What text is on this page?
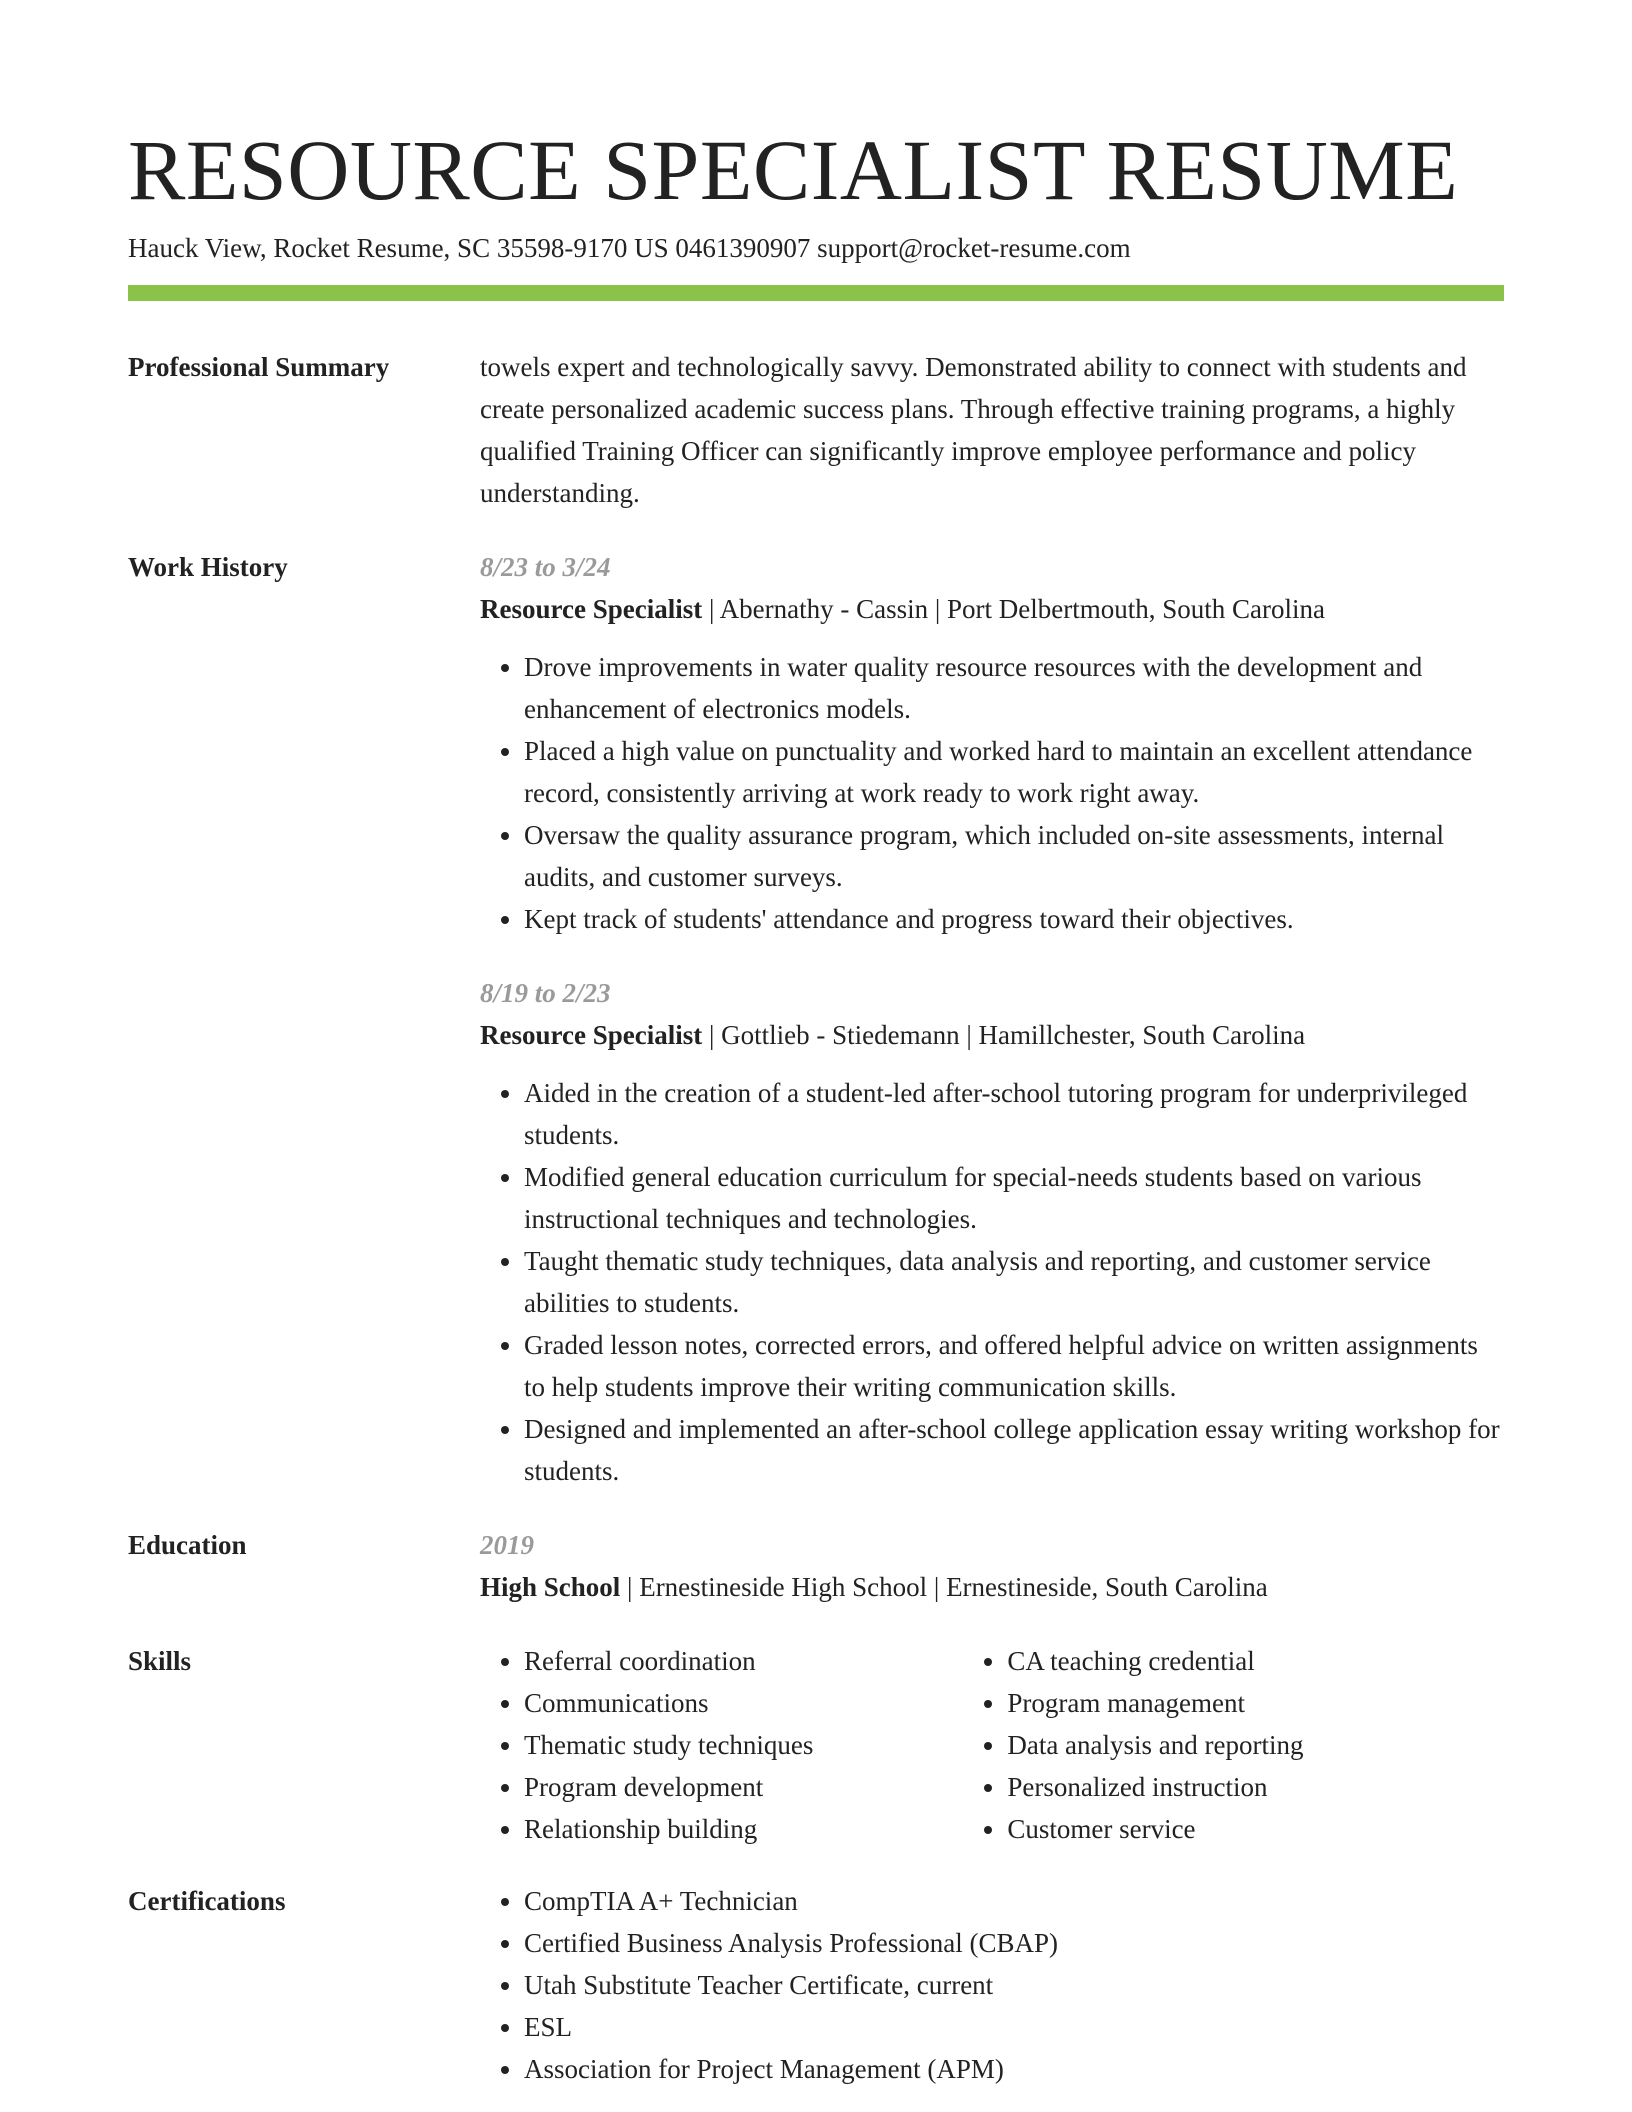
RESOURCE SPECIALIST RESUME
Hauck View, Rocket Resume, SC 35598-9170 US 0461390907 support@rocket-resume.com
Professional Summary	towels expert and technologically savvy. Demonstrated ability to connect with students and create personalized academic success plans. Through effective training programs, a highly qualified Training Officer can significantly improve employee performance and policy understanding.

Work History	8/23 to 3/24
Resource Specialist | Abernathy - Cassin | Port Delbertmouth, South Carolina
• Drove improvements in water quality resource resources with the development and enhancement of electronics models.
• Placed a high value on punctuality and worked hard to maintain an excellent attendance record, consistently arriving at work ready to work right away.
• Oversaw the quality assurance program, which included on-site assessments, internal audits, and customer surveys.
• Kept track of students' attendance and progress toward their objectives.
8/19 to 2/23
Resource Specialist | Gottlieb - Stiedemann | Hamillchester, South Carolina
• Aided in the creation of a student-led after-school tutoring program for underprivileged students.
• Modified general education curriculum for special-needs students based on various instructional techniques and technologies.
• Taught thematic study techniques, data analysis and reporting, and customer service abilities to students.
• Graded lesson notes, corrected errors, and offered helpful advice on written assignments to help students improve their writing communication skills.
• Designed and implemented an after-school college application essay writing workshop for students.
Education	2019
High School | Ernestineside High School | Ernestineside, South Carolina
Skills	• Referral coordination
• Communications
• Thematic study techniques
• Program development
• Relationship building
• CA teaching credential
• Program management
• Data analysis and reporting
• Personalized instruction
• Customer service
Certifications	• CompTIA A+ Technician
• Certified Business Analysis Professional (CBAP)
• Utah Substitute Teacher Certificate, current
• ESL
• Association for Project Management (APM)
